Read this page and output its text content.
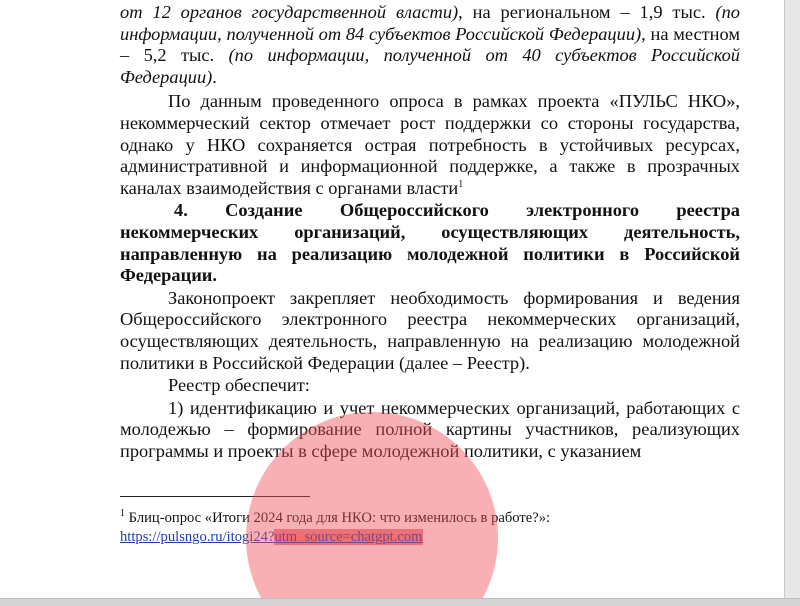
от 12 органов государственной власти), на региональном – 1,9 тыс. (по информации, полученной от 84 субъектов Российской Федерации), на местном – 5,2 тыс. (по информации, полученной от 40 субъектов Российской Федерации).

По данным проведенного опроса в рамках проекта «ПУЛЬС НКО», некоммерческий сектор отмечает рост поддержки со стороны государства, однако у НКО сохраняется острая потребность в устойчивых ресурсах, административной и информационной поддержке, а также в прозрачных каналах взаимодействия с органами власти$^1$

4. Создание Общероссийского электронного реестра некоммерческих организаций, осуществляющих деятельность, направленную на реализацию молодежной политики в Российской Федерации.

Законопроект закрепляет необходимость формирования и ведения Общероссийского электронного реестра некоммерческих организаций, осуществляющих деятельность, направленную на реализацию молодежной политики в Российской Федерации (далее – Реестр).

Реестр обеспечит:

1) идентификацию и учет некоммерческих организаций, работающих с молодежью – формирование полной картины участников, реализующих программы и проекты в сфере молодежной политики, с указанием

$^1$ Блиц-опрос «Итоги 2024 года для НКО: что изменилось в работе?»:

https://pulsngo.ru/itogi24?utm_source=chatgpt.com
